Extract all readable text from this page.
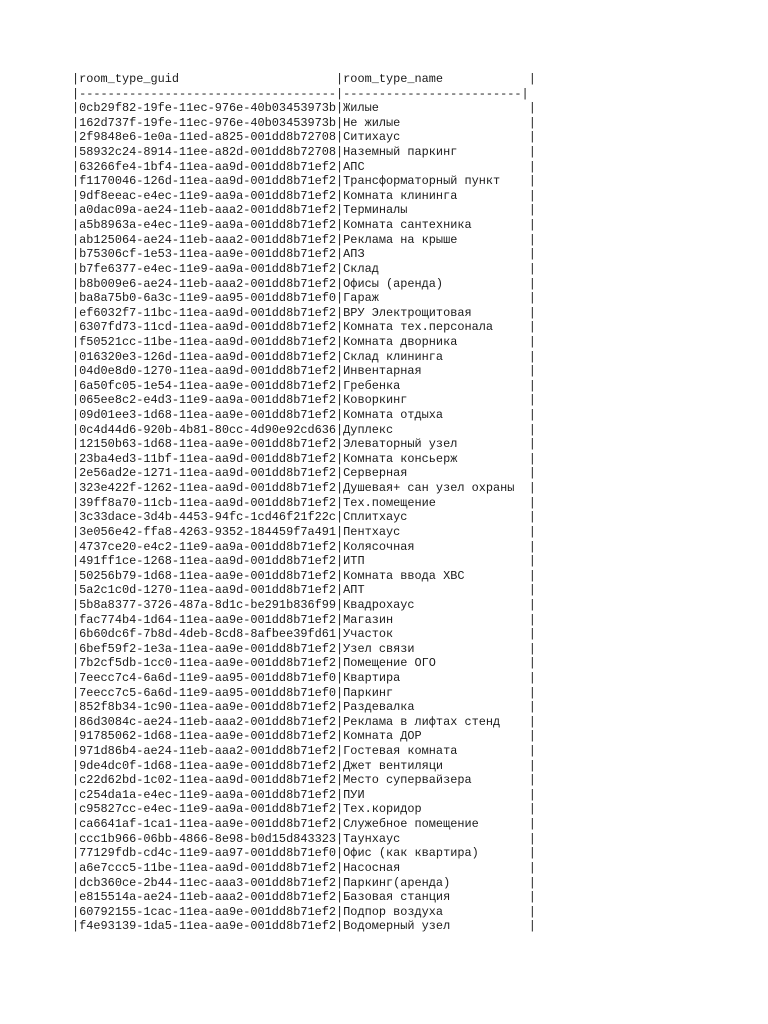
|room_type_guid                      |room_type_name            |
|------------------------------------|-------------------------|
|0cb29f82-19fe-11ec-976e-40b03453973b|Жилые                     |
|162d737f-19fe-11ec-976e-40b03453973b|Не жилые                  |
|2f9848e6-1e0a-11ed-a825-001dd8b72708|Ситихаус                  |
|58932c24-8914-11ee-a82d-001dd8b72708|Наземный паркинг          |
|63266fe4-1bf4-11ea-aa9d-001dd8b71ef2|АПС                       |
|f1170046-126d-11ea-aa9d-001dd8b71ef2|Трансформаторный пункт    |
|9df8eeac-e4ec-11e9-aa9a-001dd8b71ef2|Комната клининга          |
|a0dac09a-ae24-11eb-aaa2-001dd8b71ef2|Терминалы                 |
|a5b8963a-e4ec-11e9-aa9a-001dd8b71ef2|Комната сантехника        |
|ab125064-ae24-11eb-aaa2-001dd8b71ef2|Реклама на крыше          |
|b75306cf-1e53-11ea-aa9e-001dd8b71ef2|АПЗ                       |
|b7fe6377-e4ec-11e9-aa9a-001dd8b71ef2|Склад                     |
|b8b009e6-ae24-11eb-aaa2-001dd8b71ef2|Офисы (аренда)            |
|ba8a75b0-6a3c-11e9-aa95-001dd8b71ef0|Гараж                     |
|ef6032f7-11bc-11ea-aa9d-001dd8b71ef2|ВРУ Электрощитовая        |
|6307fd73-11cd-11ea-aa9d-001dd8b71ef2|Комната тех.персонала     |
|f50521cc-11be-11ea-aa9d-001dd8b71ef2|Комната дворника          |
|016320e3-126d-11ea-aa9d-001dd8b71ef2|Склад клининга            |
|04d0e8d0-1270-11ea-aa9d-001dd8b71ef2|Инвентарная               |
|6a50fc05-1e54-11ea-aa9e-001dd8b71ef2|Гребенка                  |
|065ee8c2-e4d3-11e9-aa9a-001dd8b71ef2|Коворкинг                 |
|09d01ee3-1d68-11ea-aa9e-001dd8b71ef2|Комната отдыха            |
|0c4d44d6-920b-4b81-80cc-4d90e92cd636|Дуплекс                   |
|12150b63-1d68-11ea-aa9e-001dd8b71ef2|Элеваторный узел          |
|23ba4ed3-11bf-11ea-aa9d-001dd8b71ef2|Комната консьерж          |
|2e56ad2e-1271-11ea-aa9d-001dd8b71ef2|Серверная                 |
|323e422f-1262-11ea-aa9d-001dd8b71ef2|Душевая+ сан узел охраны  |
|39ff8a70-11cb-11ea-aa9d-001dd8b71ef2|Тех.помещение             |
|3c33dace-3d4b-4453-94fc-1cd46f21f22c|Сплитхаус                 |
|3e056e42-ffa8-4263-9352-184459f7a491|Пентхаус                  |
|4737ce20-e4c2-11e9-aa9a-001dd8b71ef2|Колясочная                |
|491ff1ce-1268-11ea-aa9d-001dd8b71ef2|ИТП                       |
|50256b79-1d68-11ea-aa9e-001dd8b71ef2|Комната ввода ХВС         |
|5a2c1c0d-1270-11ea-aa9d-001dd8b71ef2|АПТ                       |
|5b8a8377-3726-487a-8d1c-be291b836f99|Квадрохаус                |
|fac774b4-1d64-11ea-aa9e-001dd8b71ef2|Магазин                   |
|6b60dc6f-7b8d-4deb-8cd8-8afbee39fd61|Участок                   |
|6bef59f2-1e3a-11ea-aa9e-001dd8b71ef2|Узел связи                |
|7b2cf5db-1cc0-11ea-aa9e-001dd8b71ef2|Помещение ОГО             |
|7eecc7c4-6a6d-11e9-aa95-001dd8b71ef0|Квартира                  |
|7eecc7c5-6a6d-11e9-aa95-001dd8b71ef0|Паркинг                   |
|852f8b34-1c90-11ea-aa9e-001dd8b71ef2|Раздевалка                |
|86d3084c-ae24-11eb-aaa2-001dd8b71ef2|Реклама в лифтах стенд    |
|91785062-1d68-11ea-aa9e-001dd8b71ef2|Комната ДОР               |
|971d86b4-ae24-11eb-aaa2-001dd8b71ef2|Гостевая комната          |
|9de4dc0f-1d68-11ea-aa9e-001dd8b71ef2|Джет вентиляци            |
|c22d62bd-1c02-11ea-aa9d-001dd8b71ef2|Место супервайзера        |
|c254da1a-e4ec-11e9-aa9a-001dd8b71ef2|ПУИ                       |
|c95827cc-e4ec-11e9-aa9a-001dd8b71ef2|Тех.коридор               |
|ca6641af-1ca1-11ea-aa9e-001dd8b71ef2|Служебное помещение       |
|ccc1b966-06bb-4866-8e98-b0d15d843323|Таунхаус                  |
|77129fdb-cd4c-11e9-aa97-001dd8b71ef0|Офис (как квартира)       |
|a6e7ccc5-11be-11ea-aa9d-001dd8b71ef2|Насосная                  |
|dcb360ce-2b44-11ec-aaa3-001dd8b71ef2|Паркинг(аренда)           |
|e815514a-ae24-11eb-aaa2-001dd8b71ef2|Базовая станция           |
|60792155-1cac-11ea-aa9e-001dd8b71ef2|Подпор воздуха            |
|f4e93139-1da5-11ea-aa9e-001dd8b71ef2|Водомерный узел           |
